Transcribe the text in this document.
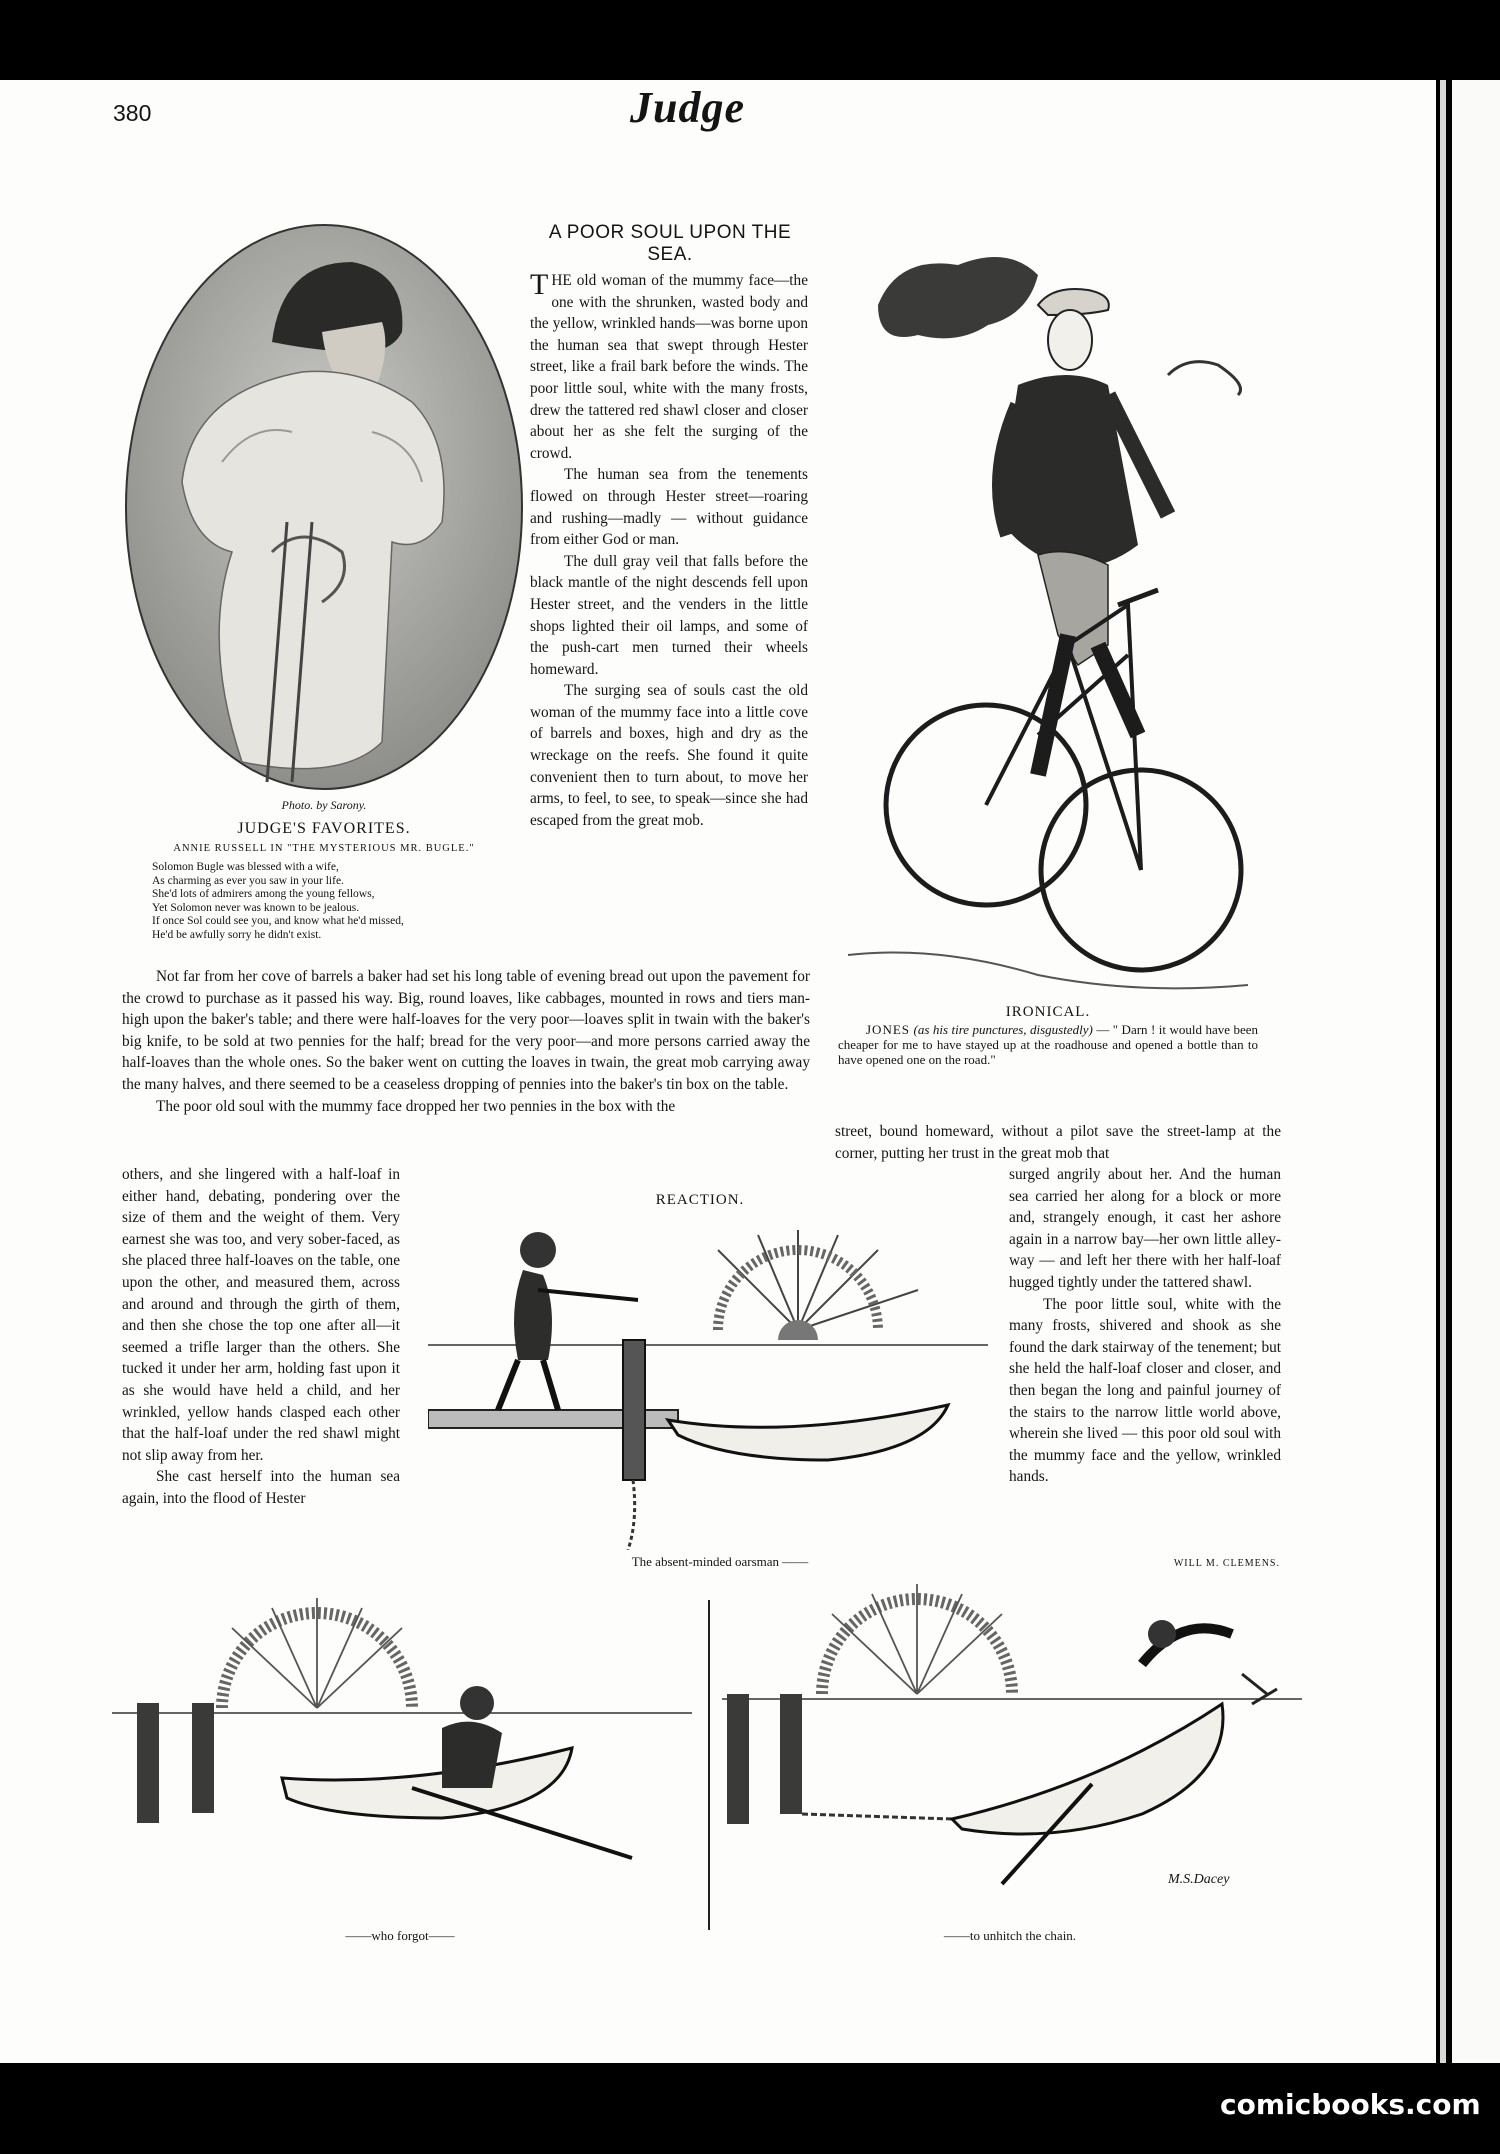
380	Judge
Photo. by Sarony.
JUDGE'S FAVORITES.
ANNIE RUSSELL IN "THE MYSTERIOUS MR. BUGLE."
Solomon Bugle was blessed with a wife,
As charming as ever you saw in your life.
She'd lots of admirers among the young fellows,
Yet Solomon never was known to be jealous.
If once Sol could see you, and know what he'd missed,
He'd be awfully sorry he didn't exist.
A POOR SOUL UPON THE
SEA.

THE old woman of the mummy face—the one with the shrunken, wasted body and the yellow, wrinkled hands—was borne upon the human sea that swept through Hester street, like a frail bark before the winds. The poor little soul, white with the many frosts, drew the tattered red shawl closer and closer about her as she felt the surging of the crowd.

The human sea from the tenements flowed on through Hester street—roaring and rushing—madly — without guidance from either God or man.

The dull gray veil that falls before the black mantle of the night descends fell upon Hester street, and the venders in the little shops lighted their oil lamps, and some of the push-cart men turned their wheels homeward.

The surging sea of souls cast the old woman of the mummy face into a little cove of barrels and boxes, high and dry as the wreckage on the reefs. She found it quite convenient then to turn about, to move her arms, to feel, to see, to speak—since she had escaped from the great mob.

IRONICAL.
JONES (as his tire punctures, disgustedly) — " Darn ! it would have been cheaper for me to have stayed up at the roadhouse and opened a bottle than to have opened one on the road."

Not far from her cove of barrels a baker had set his long table of evening bread out upon the pavement for the crowd to purchase as it passed his way. Big, round loaves, like cabbages, mounted in rows and tiers man-high upon the baker's table; and there were half-loaves for the very poor—loaves split in twain with the baker's big knife, to be sold at two pennies for the half; bread for the very poor—and more persons carried away the half-loaves than the whole ones. So the baker went on cutting the loaves in twain, the great mob carrying away the many halves, and there seemed to be a ceaseless dropping of pennies into the baker's tin box on the table.

The poor old soul with the mummy face dropped her two pennies in the box with the

street, bound homeward, without a pilot save the street-lamp at the corner, putting her trust in the great mob that

others, and she lingered with a half-loaf in either hand, debating, pondering over the size of them and the weight of them. Very earnest she was too, and very sober-faced, as she placed three half-loaves on the table, one upon the other, and measured them, across and around and through the girth of them, and then she chose the top one after all—it seemed a trifle larger than the others. She tucked it under her arm, holding fast upon it as she would have held a child, and her wrinkled, yellow hands clasped each other that the half-loaf under the red shawl might not slip away from her.

She cast herself into the human sea again, into the flood of Hester

surged angrily about her. And the human sea carried her along for a block or more and, strangely enough, it cast her ashore again in a narrow bay—her own little alley-way — and left her there with her half-loaf hugged tightly under the tattered shawl.

The poor little soul, white with the many frosts, shivered and shook as she found the dark stairway of the tenement; but she held the half-loaf closer and closer, and then began the long and painful journey of the stairs to the narrow little world above, wherein she lived — this poor old soul with the mummy face and the yellow, wrinkled hands.

WILL M. CLEMENS.
REACTION.
The absent-minded oarsman ——
——who forgot——
M.S.Dacey
——to unhitch the chain.
comicbooks.com
